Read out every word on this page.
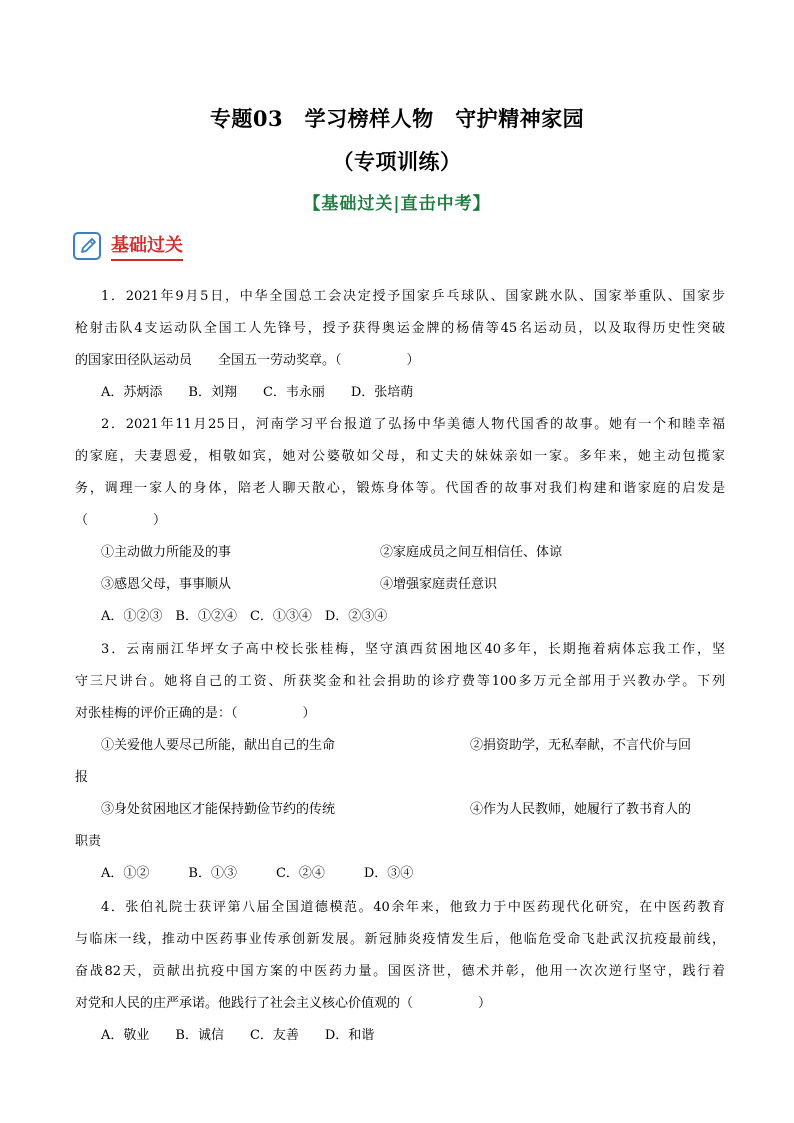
专题03　学习榜样人物　守护精神家园
（专项训练）
【基础过关|直击中考】
基础过关
1．2021年9月5日，中华全国总工会决定授予国家乒乓球队、国家跳水队、国家举重队、国家步
枪射击队4支运动队全国工人先锋号，授予获得奥运金牌的杨倩等45名运动员，以及取得历史性突破
的国家田径队运动员　　全国五一劳动奖章。（　　　　　）
A．苏炳添　　B．刘翔　　C．韦永丽　　D．张培萌
2．2021年11月25日，河南学习平台报道了弘扬中华美德人物代国香的故事。她有一个和睦幸福
的家庭，夫妻恩爱，相敬如宾，她对公婆敬如父母，和丈夫的妹妹亲如一家。多年来，她主动包揽家
务，调理一家人的身体，陪老人聊天散心，锻炼身体等。代国香的故事对我们构建和谐家庭的启发是
（　　　　　）
①主动做力所能及的事	②家庭成员之间互相信任、体谅
③感恩父母，事事顺从	④增强家庭责任意识
A．①②③　B．①②④　C．①③④　D．②③④
3．云南丽江华坪女子高中校长张桂梅，坚守滇西贫困地区40多年，长期拖着病体忘我工作，坚
守三尺讲台。她将自己的工资、所获奖金和社会捐助的诊疗费等100多万元全部用于兴教办学。下列
对张桂梅的评价正确的是：（　　　　　）
①关爱他人要尽己所能，献出自己的生命	②捐资助学，无私奉献，不言代价与回
报
③身处贫困地区才能保持勤俭节约的传统	④作为人民教师，她履行了教书育人的
职责
A．①②　　　B．①③　　　C．②④　　　D．③④
4．张伯礼院士获评第八届全国道德模范。40余年来，他致力于中医药现代化研究，在中医药教育
与临床一线，推动中医药事业传承创新发展。新冠肺炎疫情发生后，他临危受命飞赴武汉抗疫最前线，
奋战82天，贡献出抗疫中国方案的中医药力量。国医济世，德术并彰，他用一次次逆行坚守，践行着
对党和人民的庄严承诺。他践行了社会主义核心价值观的（　　　　　）
A．敬业　　B．诚信　　C．友善　　D．和谐
